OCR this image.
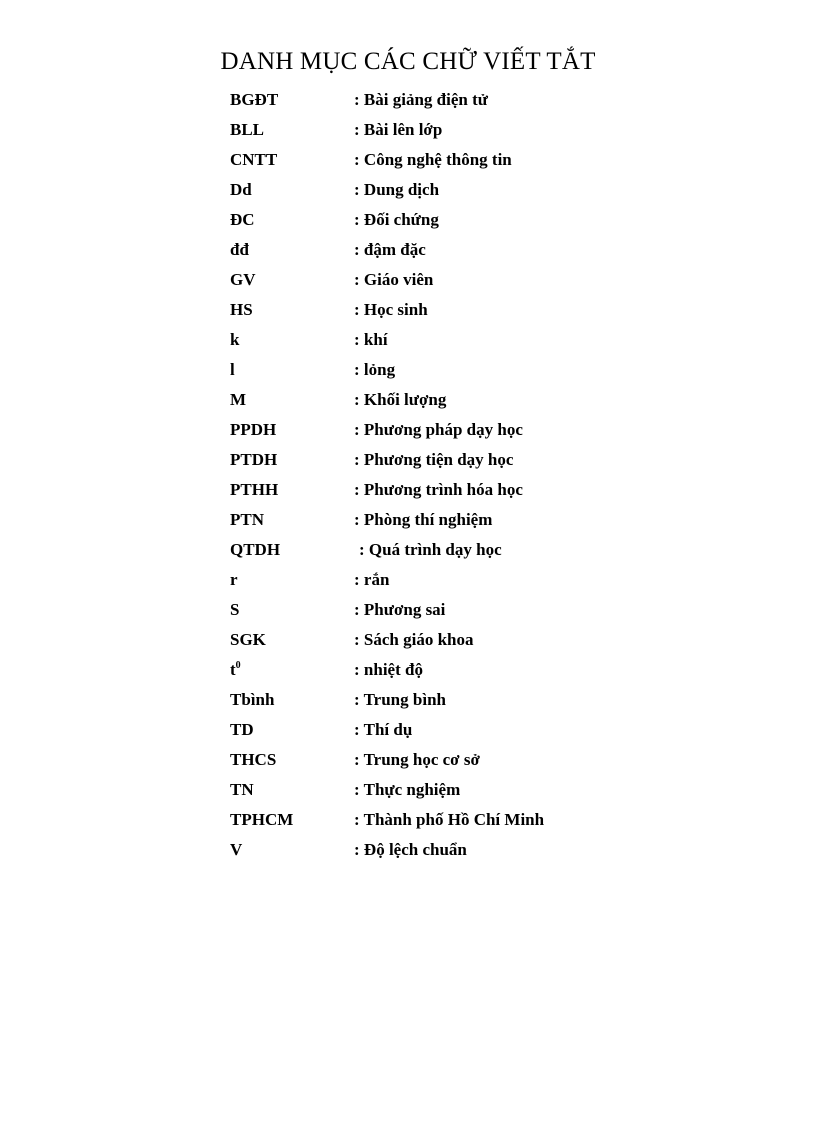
DANH MỤC CÁC CHỮ VIẾT TẮT
BGĐT	: Bài giảng điện tử
BLL	: Bài lên lớp
CNTT	: Công nghệ thông tin
Dd	: Dung dịch
ĐC	: Đối chứng
đđ	: đậm đặc
GV	: Giáo viên
HS	: Học sinh
k	: khí
l	: lỏng
M	: Khối lượng
PPDH	: Phương pháp dạy học
PTDH	: Phương tiện dạy học
PTHH	: Phương trình hóa học
PTN	: Phòng thí nghiệm
QTDH	: Quá trình dạy học
r	: rắn
S	: Phương sai
SGK	: Sách giáo khoa
$t^0$	: nhiệt độ
Tbình	: Trung bình
TD	: Thí dụ
THCS	: Trung học cơ sở
TN	: Thực nghiệm
TPHCM	: Thành phố Hồ Chí Minh
V	: Độ lệch chuẩn
